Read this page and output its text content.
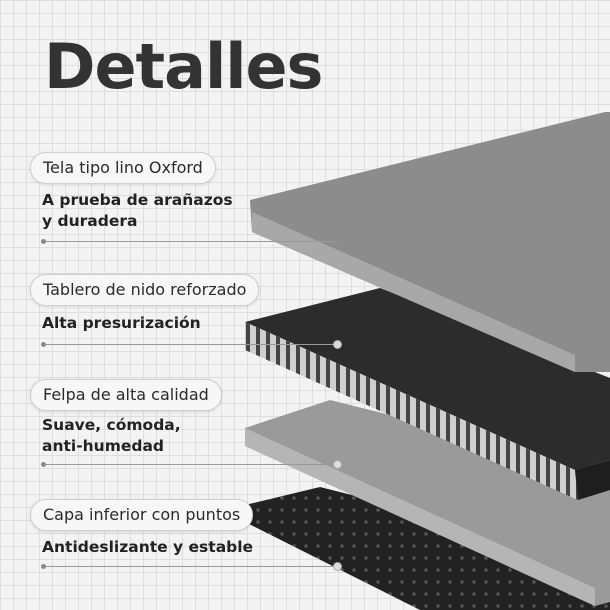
Detalles
Tela tipo lino Oxford
A prueba de arañazos
y duradera
Tablero de nido reforzado
Alta presurización
Felpa de alta calidad
Suave, cómoda,
anti-humedad
Capa inferior con puntos
Antideslizante y estable
